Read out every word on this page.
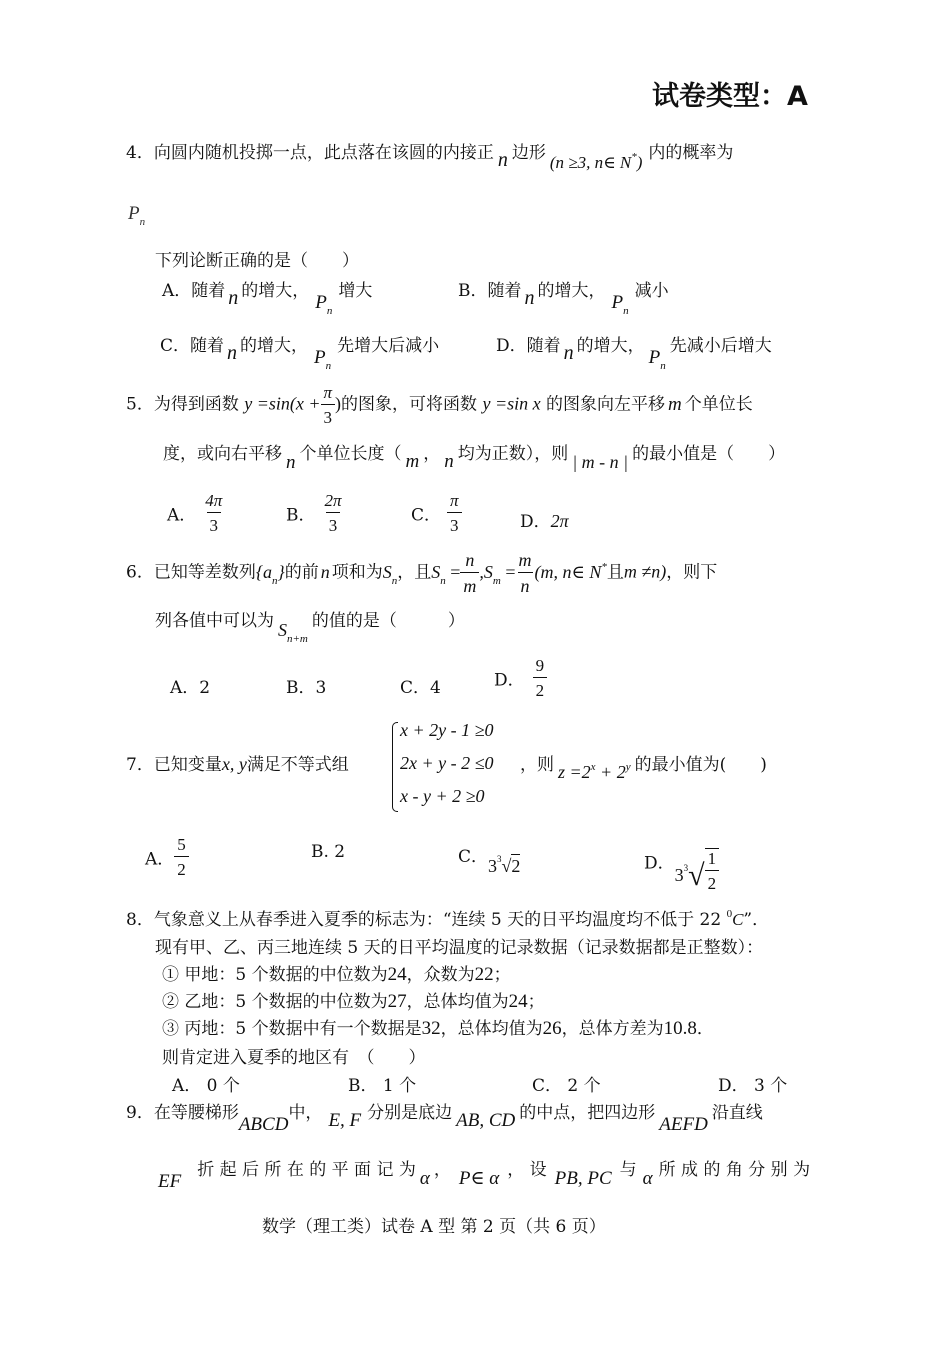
试卷类型：A
4．向圆内随机投掷一点，此点落在该圆的内接正 n 边形 (n ≥3, n∈ N*) 内的概率为
$P_n$
下列论断正确的是（　　）
A．随着 n 的增大，$P_n$增大	B．随着 n 的增大，$P_n$减小
C．随着 n 的增大，$P_n$先增大后减小	D．随着 n 的增大，$P_n$先减小后增大
5．为得到函数 $y =\sin(x + \frac{\pi}{3}$ )的图象，可将函数 y =sin x 的图象向左平移 m 个单位长
度，或向右平移 n 个单位长度（ m ， n 均为正数），则 | m - n | 的最小值是（　　）
A． $\frac{4\pi}{3}$	B． $\frac{2\pi}{3}$	C． $\frac{\pi}{3}$	D．2π
6．已知等差数列$\{a_n\}$的前 n 项和为$S_n$，且$S_n = \frac{n}{m} ,S_m = \frac{m}{n} (m$, n∈ N*且m ≠n)，则下
列各值中可以为 $S_{n+m}$的值的是（　　　）
A．2	B．3	C．4	D． $\frac{9}{2}$
7．已知变量x, y满足不等式组
x + 2y - 1 ≥0
2x + y - 2 ≤0
x - y + 2 ≥0
，则 $z =2^x + 2^y$ 的最小值为(　　)
A． $\frac{5}{2}$	B. 2	C．$3^3√2$	D．$3^3√ \frac{1}{2}$
8．气象意义上从春季进入夏季的标志为：“连续 5 天的日平均温度均不低于 22 $^0$C”．
现有甲、乙、丙三地连续 5 天的日平均温度的记录数据（记录数据都是正整数）：
① 甲地：5 个数据的中位数为24，众数为22；
② 乙地：5 个数据的中位数为27，总体均值为24；
③ 丙地：5 个数据中有一个数据是32，总体均值为26，总体方差为10.8．
则肯定进入夏季的地区有　（　　）
A． 0 个	B． 1 个	C． 2 个	D． 3 个
9．在等腰梯形ABCD中， E, F 分别是底边 AB, CD 的中点，把四边形AEFD沿直线
EF折 起 后 所 在 的 平 面 记 为 α ， P∈ α ， 设 PB, PC 与 α 所 成 的 角 分 别 为
数学（理工类）试卷 A 型 第 2 页（共 6 页）
